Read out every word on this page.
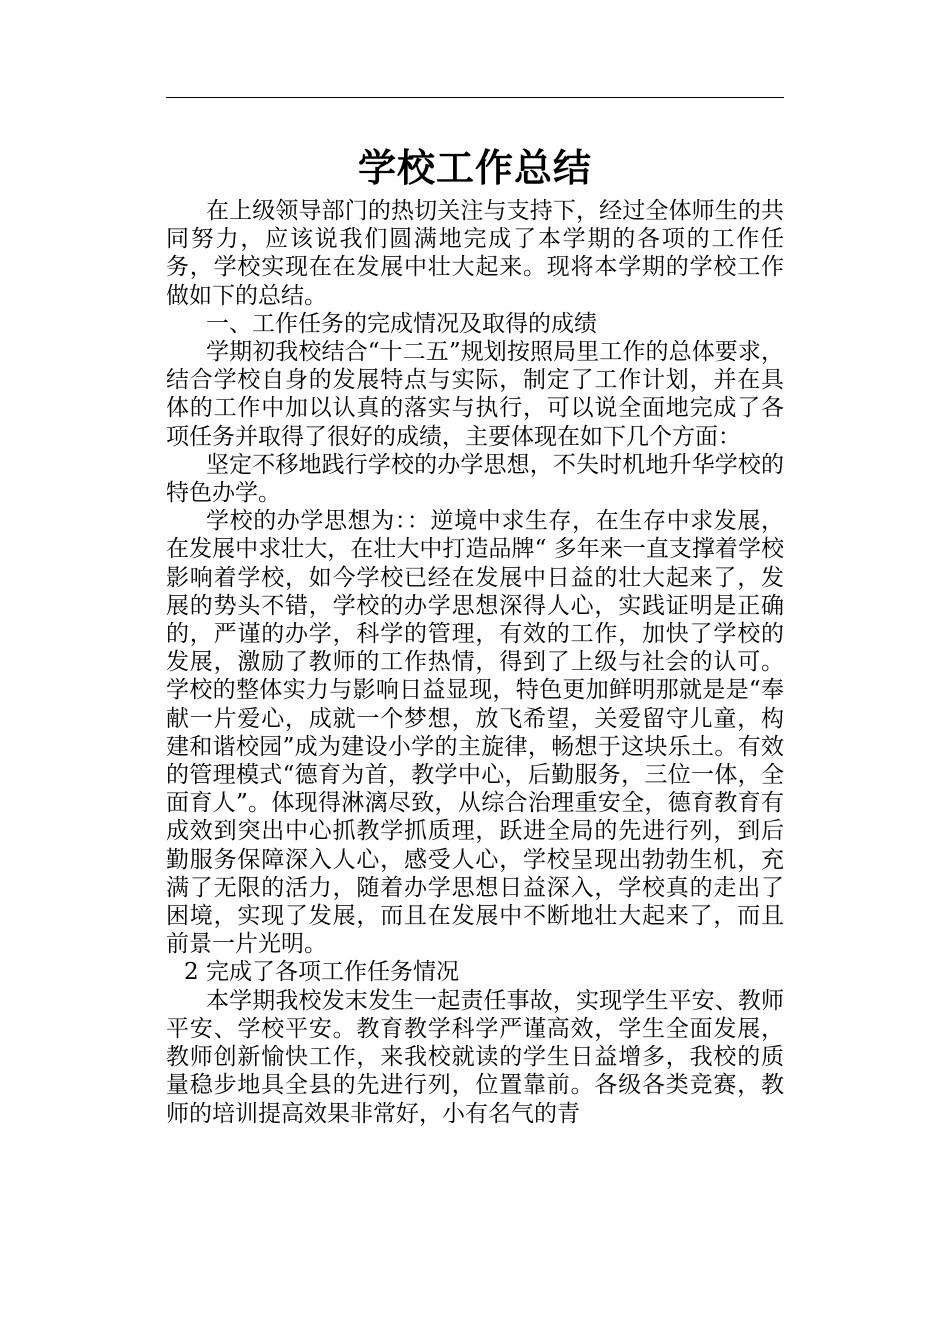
学校工作总结

在上级领导部门的热切关注与支持下，经过全体师生的共同努力，应该说我们圆满地完成了本学期的各项的工作任务，学校实现在在发展中壮大起来。现将本学期的学校工作做如下的总结。

一、工作任务的完成情况及取得的成绩

学期初我校结合“十二五”规划按照局里工作的总体要求，结合学校自身的发展特点与实际，制定了工作计划，并在具体的工作中加以认真的落实与执行，可以说全面地完成了各项任务并取得了很好的成绩，主要体现在如下几个方面：

坚定不移地践行学校的办学思想，不失时机地升华学校的特色办学。

学校的办学思想为：：逆境中求生存，在生存中求发展，在发展中求壮大，在壮大中打造品牌“ 多年来一直支撑着学校影响着学校，如今学校已经在发展中日益的壮大起来了，发展的势头不错，学校的办学思想深得人心，实践证明是正确的，严谨的办学，科学的管理，有效的工作，加快了学校的发展，激励了教师的工作热情，得到了上级与社会的认可。学校的整体实力与影响日益显现，特色更加鲜明那就是是“奉献一片爱心，成就一个梦想，放飞希望，关爱留守儿童，构建和谐校园”成为建设小学的主旋律，畅想于这块乐土。有效的管理模式“德育为首，教学中心，后勤服务，三位一体，全面育人”。体现得淋漓尽致，从综合治理重安全，德育教育有成效到突出中心抓教学抓质理，跃进全局的先进行列，到后勤服务保障深入人心，感受人心，学校呈现出勃勃生机，充满了无限的活力，随着办学思想日益深入，学校真的走出了困境，实现了发展，而且在发展中不断地壮大起来了，而且前景一片光明。

2 完成了各项工作任务情况

本学期我校发末发生一起责任事故，实现学生平安、教师平安、学校平安。教育教学科学严谨高效，学生全面发展，教师创新愉快工作，来我校就读的学生日益增多，我校的质量稳步地具全县的先进行列，位置靠前。各级各类竞赛，教师的培训提高效果非常好，小有名气的青
